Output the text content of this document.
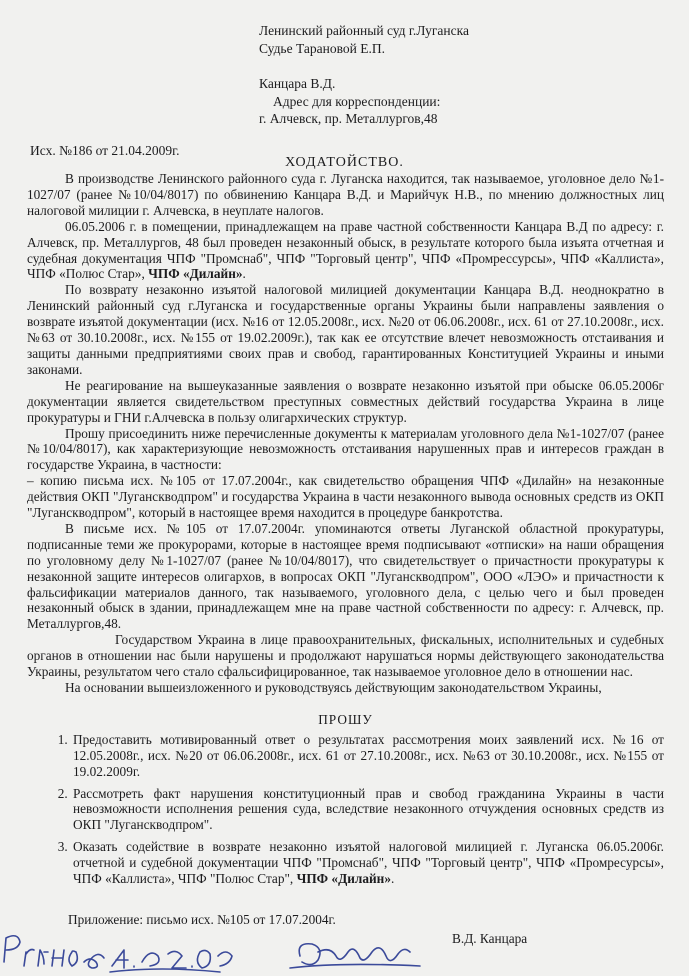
Ленинский районный суд г.Луганска
Судье Тарановой Е.П.
Канцара В.Д.
Адрес для корреспонденции:
г. Алчевск, пр. Металлургов,48
Исх. №186 от 21.04.2009г.
ХОДАТОЙСТВО.

В производстве Ленинского районного суда г. Луганска находится, так называемое, уголовное дело №1-1027/07 (ранее №10/04/8017) по обвинению Канцара В.Д. и Марийчук Н.В., по мнению должностных лиц налоговой милиции г. Алчевска, в неуплате налогов.

06.05.2006 г. в помещении, принадлежащем на праве частной собственности Канцара В.Д по адресу: г. Алчевск, пр. Металлургов, 48 был проведен незаконный обыск, в результате которого была изъята отчетная и судебная документация ЧПФ "Промснаб", ЧПФ "Торговый центр", ЧПФ «Промрессурсы», ЧПФ «Каллиста», ЧПФ «Полюс Стар», ЧПФ «Дилайн».

По возврату незаконно изъятой налоговой милицией документации Канцара В.Д. неоднократно в Ленинский районный суд г.Луганска и государственные органы Украины были направлены заявления о возврате изъятой документации (исх. №16 от 12.05.2008г., исх. №20 от 06.06.2008г., исх. 61 от 27.10.2008г., исх. №63 от 30.10.2008г., исх. №155 от 19.02.2009г.), так как ее отсутствие влечет невозможность отстаивания и защиты данными предприятиями своих прав и свобод, гарантированных Конституцией Украины и иными законами.

Не реагирование на вышеуказанные заявления о возврате незаконно изъятой при обыске 06.05.2006г документации является свидетельством преступных совместных действий государства Украина в лице прокуратуры и ГНИ г.Алчевска в пользу олигархических структур.

Прошу присоединить ниже перечисленные документы к материалам уголовного дела №1-1027/07 (ранее №10/04/8017), как характеризующие невозможность отстаивания нарушенных прав и интересов граждан в государстве Украина, в частности:

– копию письма исх. №105 от 17.07.2004г., как свидетельство обращения ЧПФ «Дилайн» на незаконные действия ОКП "Луганскводпром" и государства Украина в части незаконного вывода основных средств из ОКП "Луганскводпром", который в настоящее время находится в процедуре банкротства.

В письме исх. №105 от 17.07.2004г. упоминаются ответы Луганской областной прокуратуры, подписанные теми же прокурорами, которые в настоящее время подписывают «отписки» на наши обращения по уголовному делу №1-1027/07 (ранее №10/04/8017), что свидетельствует о причастности прокуратуры к незаконной защите интересов олигархов, в вопросах ОКП "Луганскводпром", ООО «ЛЭО» и причастности к фальсификации материалов данного, так называемого, уголовного дела, с целью чего и был проведен незаконный обыск в здании, принадлежащем мне на праве частной собственности по адресу: г. Алчевск, пр. Металлургов,48.

Государством Украина в лице правоохранительных, фискальных, исполнительных и судебных органов в отношении нас были нарушены и продолжают нарушаться нормы действующего законодательства Украины, результатом чего стало сфальсифицированное, так называемое уголовное дело в отношении нас.

На основании вышеизложенного и руководствуясь действующим законодательством Украины,

ПРОШУ

1. Предоставить мотивированный ответ о результатах рассмотрения моих заявлений исх. №16 от 12.05.2008г., исх. №20 от 06.06.2008г., исх. 61 от 27.10.2008г., исх. №63 от 30.10.2008г., исх. №155 от 19.02.2009г.
2. Рассмотреть факт нарушения конституционный прав и свобод гражданина Украины в части невозможности исполнения решения суда, вследствие незаконного отчуждения основных средств из ОКП "Луганскводпром".
3. Оказать содействие в возврате незаконно изъятой налоговой милицией г. Луганска 06.05.2006г. отчетной и судебной документации ЧПФ "Промснаб", ЧПФ "Торговый центр", ЧПФ «Промресурсы», ЧПФ «Каллиста», ЧПФ "Полюс Стар", ЧПФ «Дилайн».
Приложение: письмо исх. №105 от 17.07.2004г.
В.Д. Канцара
